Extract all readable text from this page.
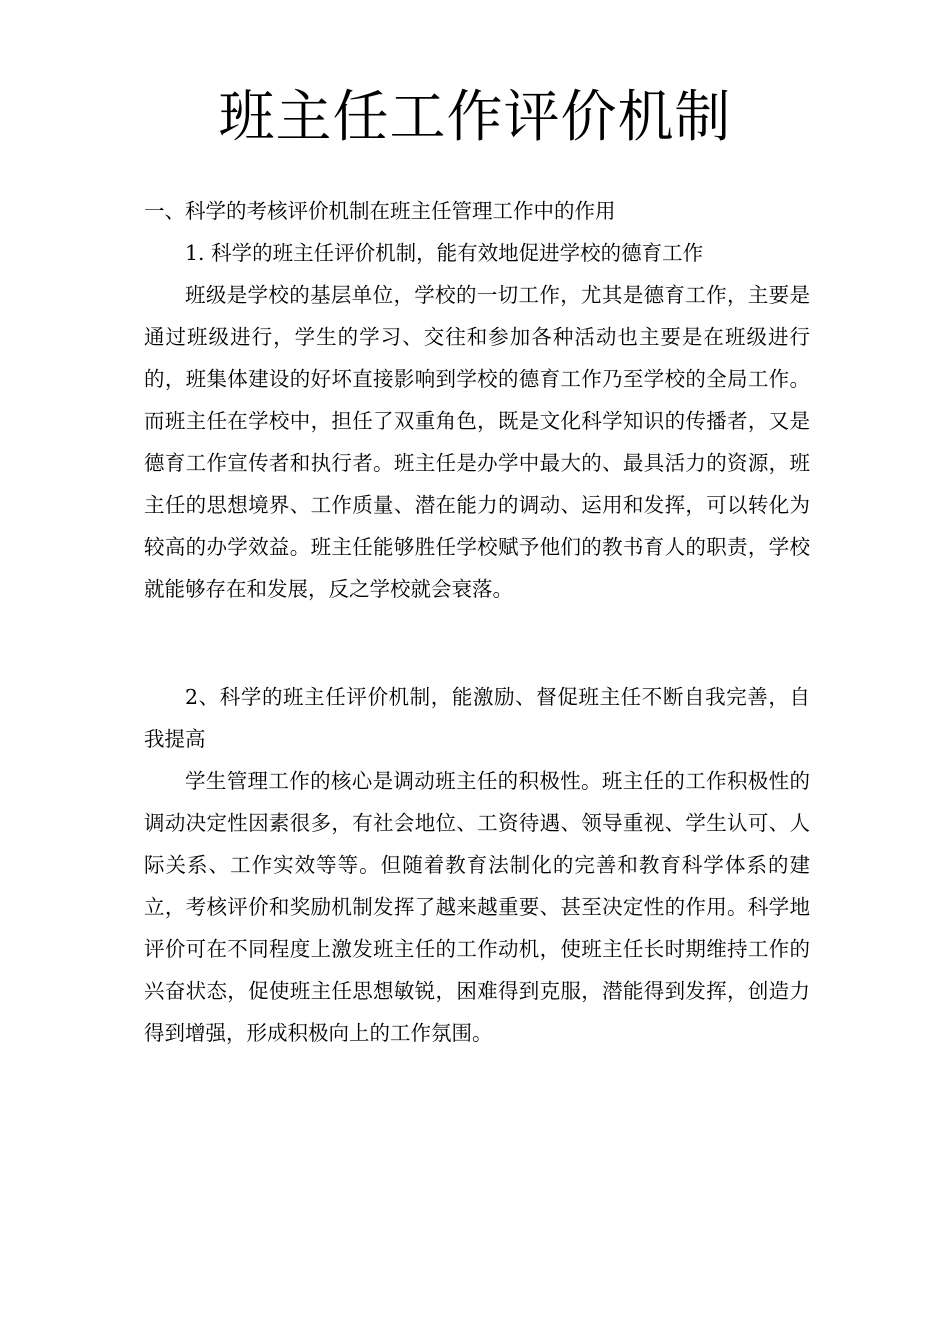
班主任工作评价机制

一、科学的考核评价机制在班主任管理工作中的作用

1. 科学的班主任评价机制，能有效地促进学校的德育工作

班级是学校的基层单位，学校的一切工作，尤其是德育工作，主要是通过班级进行，学生的学习、交往和参加各种活动也主要是在班级进行的，班集体建设的好坏直接影响到学校的德育工作乃至学校的全局工作。而班主任在学校中，担任了双重角色，既是文化科学知识的传播者，又是德育工作宣传者和执行者。班主任是办学中最大的、最具活力的资源，班主任的思想境界、工作质量、潜在能力的调动、运用和发挥，可以转化为较高的办学效益。班主任能够胜任学校赋予他们的教书育人的职责，学校就能够存在和发展，反之学校就会衰落。

2、科学的班主任评价机制，能激励、督促班主任不断自我完善，自我提高

学生管理工作的核心是调动班主任的积极性。班主任的工作积极性的调动决定性因素很多，有社会地位、工资待遇、领导重视、学生认可、人际关系、工作实效等等。但随着教育法制化的完善和教育科学体系的建立，考核评价和奖励机制发挥了越来越重要、甚至决定性的作用。科学地评价可在不同程度上激发班主任的工作动机，使班主任长时期维持工作的兴奋状态，促使班主任思想敏锐，困难得到克服，潜能得到发挥，创造力得到增强，形成积极向上的工作氛围。
